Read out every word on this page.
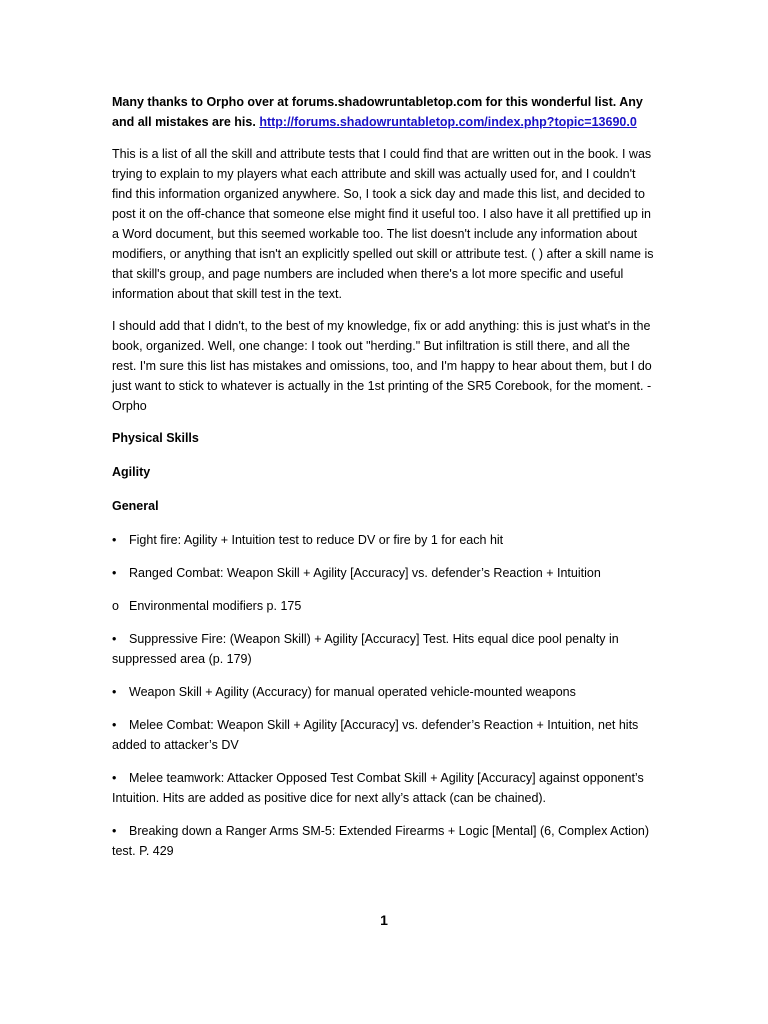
Many thanks to Orpho over at forums.shadowruntabletop.com for this wonderful list. Any and all mistakes are his. http://forums.shadowruntabletop.com/index.php?topic=13690.0

This is a list of all the skill and attribute tests that I could find that are written out in the book. I was trying to explain to my players what each attribute and skill was actually used for, and I couldn't find this information organized anywhere. So, I took a sick day and made this list, and decided to post it on the off-chance that someone else might find it useful too. I also have it all prettified up in a Word document, but this seemed workable too. The list doesn't include any information about modifiers, or anything that isn't an explicitly spelled out skill or attribute test. ( ) after a skill name is that skill's group, and page numbers are included when there's a lot more specific and useful information about that skill test in the text.

I should add that I didn't, to the best of my knowledge, fix or add anything: this is just what's in the book, organized. Well, one change: I took out "herding." But infiltration is still there, and all the rest. I'm sure this list has mistakes and omissions, too, and I'm happy to hear about them, but I do just want to stick to whatever is actually in the 1st printing of the SR5 Corebook, for the moment. - Orpho

Physical Skills
Agility
General
• Fight fire: Agility + Intuition test to reduce DV or fire by 1 for each hit
• Ranged Combat: Weapon Skill + Agility [Accuracy] vs. defender’s Reaction + Intuition
o Environmental modifiers p. 175
• Suppressive Fire: (Weapon Skill) + Agility [Accuracy] Test. Hits equal dice pool penalty in suppressed area (p. 179)
• Weapon Skill + Agility (Accuracy) for manual operated vehicle-mounted weapons
• Melee Combat: Weapon Skill + Agility [Accuracy] vs. defender’s Reaction + Intuition, net hits added to attacker’s DV
• Melee teamwork: Attacker Opposed Test Combat Skill + Agility [Accuracy] against opponent’s Intuition. Hits are added as positive dice for next ally’s attack (can be chained).
• Breaking down a Ranger Arms SM-5: Extended Firearms + Logic [Mental] (6, Complex Action) test. P. 429
1
